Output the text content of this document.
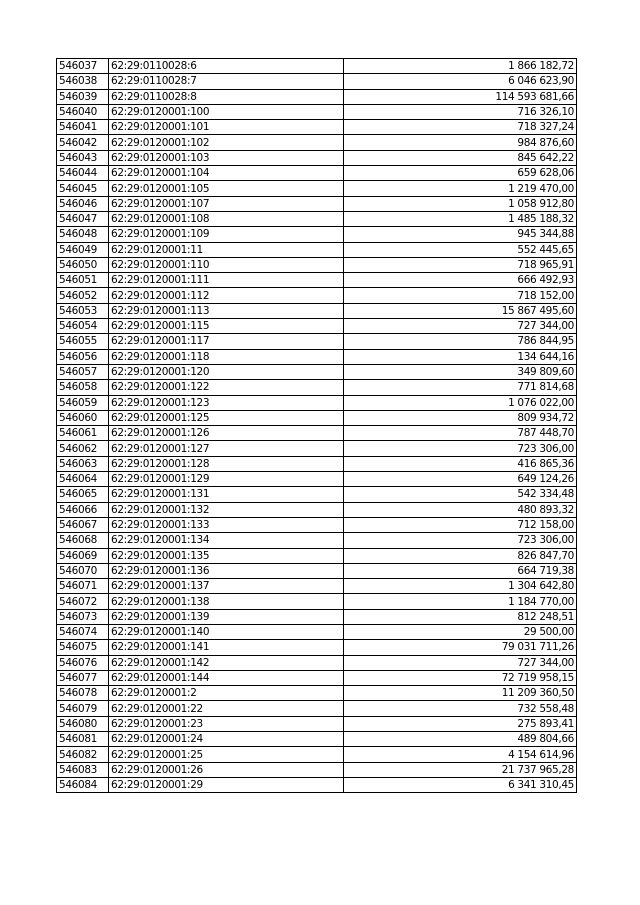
546037	62:29:0110028:6	1 866 182,72
546038	62:29:0110028:7	6 046 623,90
546039	62:29:0110028:8	114 593 681,66
546040	62:29:0120001:100	716 326,10
546041	62:29:0120001:101	718 327,24
546042	62:29:0120001:102	984 876,60
546043	62:29:0120001:103	845 642,22
546044	62:29:0120001:104	659 628,06
546045	62:29:0120001:105	1 219 470,00
546046	62:29:0120001:107	1 058 912,80
546047	62:29:0120001:108	1 485 188,32
546048	62:29:0120001:109	945 344,88
546049	62:29:0120001:11	552 445,65
546050	62:29:0120001:110	718 965,91
546051	62:29:0120001:111	666 492,93
546052	62:29:0120001:112	718 152,00
546053	62:29:0120001:113	15 867 495,60
546054	62:29:0120001:115	727 344,00
546055	62:29:0120001:117	786 844,95
546056	62:29:0120001:118	134 644,16
546057	62:29:0120001:120	349 809,60
546058	62:29:0120001:122	771 814,68
546059	62:29:0120001:123	1 076 022,00
546060	62:29:0120001:125	809 934,72
546061	62:29:0120001:126	787 448,70
546062	62:29:0120001:127	723 306,00
546063	62:29:0120001:128	416 865,36
546064	62:29:0120001:129	649 124,26
546065	62:29:0120001:131	542 334,48
546066	62:29:0120001:132	480 893,32
546067	62:29:0120001:133	712 158,00
546068	62:29:0120001:134	723 306,00
546069	62:29:0120001:135	826 847,70
546070	62:29:0120001:136	664 719,38
546071	62:29:0120001:137	1 304 642,80
546072	62:29:0120001:138	1 184 770,00
546073	62:29:0120001:139	812 248,51
546074	62:29:0120001:140	29 500,00
546075	62:29:0120001:141	79 031 711,26
546076	62:29:0120001:142	727 344,00
546077	62:29:0120001:144	72 719 958,15
546078	62:29:0120001:2	11 209 360,50
546079	62:29:0120001:22	732 558,48
546080	62:29:0120001:23	275 893,41
546081	62:29:0120001:24	489 804,66
546082	62:29:0120001:25	4 154 614,96
546083	62:29:0120001:26	21 737 965,28
546084	62:29:0120001:29	6 341 310,45
